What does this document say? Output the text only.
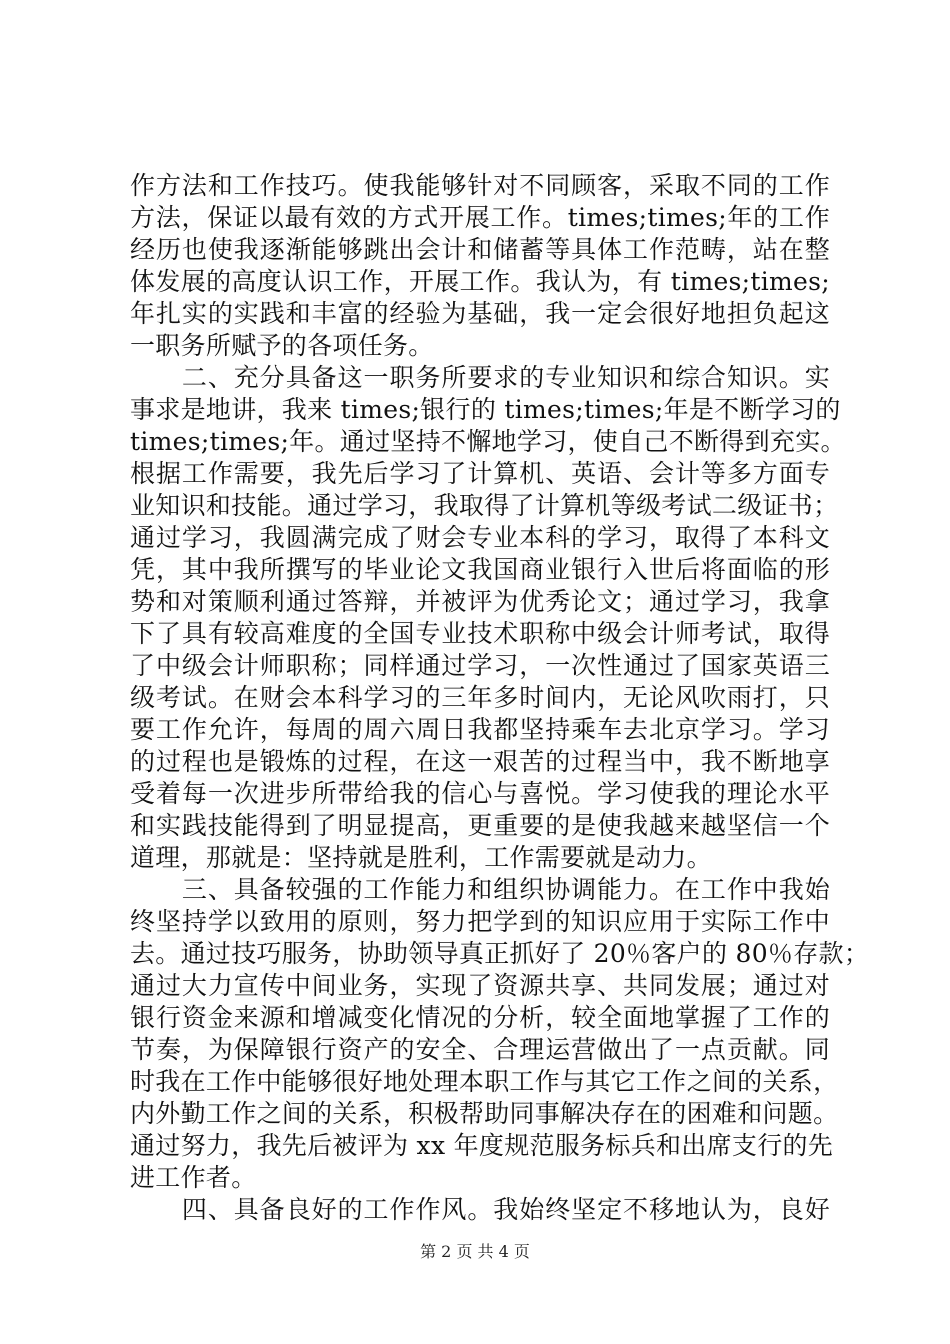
作方法和工作技巧。使我能够针对不同顾客，采取不同的工作
方法，保证以最有效的方式开展工作。times;times;年的工作
经历也使我逐渐能够跳出会计和储蓄等具体工作范畴，站在整
体发展的高度认识工作，开展工作。我认为，有 times;times;
年扎实的实践和丰富的经验为基础，我一定会很好地担负起这
一职务所赋予的各项任务。
　　二、充分具备这一职务所要求的专业知识和综合知识。实
事求是地讲，我来 times;银行的 times;times;年是不断学习的
times;times;年。通过坚持不懈地学习，使自己不断得到充实。
根据工作需要，我先后学习了计算机、英语、会计等多方面专
业知识和技能。通过学习，我取得了计算机等级考试二级证书；
通过学习，我圆满完成了财会专业本科的学习，取得了本科文
凭，其中我所撰写的毕业论文我国商业银行入世后将面临的形
势和对策顺利通过答辩，并被评为优秀论文；通过学习，我拿
下了具有较高难度的全国专业技术职称中级会计师考试，取得
了中级会计师职称；同样通过学习，一次性通过了国家英语三
级考试。在财会本科学习的三年多时间内，无论风吹雨打，只
要工作允许，每周的周六周日我都坚持乘车去北京学习。学习
的过程也是锻炼的过程，在这一艰苦的过程当中，我不断地享
受着每一次进步所带给我的信心与喜悦。学习使我的理论水平
和实践技能得到了明显提高，更重要的是使我越来越坚信一个
道理，那就是：坚持就是胜利，工作需要就是动力。
　　三、具备较强的工作能力和组织协调能力。在工作中我始
终坚持学以致用的原则，努力把学到的知识应用于实际工作中
去。通过技巧服务，协助领导真正抓好了 20％客户的 80％存款；
通过大力宣传中间业务，实现了资源共享、共同发展；通过对
银行资金来源和增减变化情况的分析，较全面地掌握了工作的
节奏，为保障银行资产的安全、合理运营做出了一点贡献。同
时我在工作中能够很好地处理本职工作与其它工作之间的关系，
内外勤工作之间的关系，积极帮助同事解决存在的困难和问题。
通过努力，我先后被评为 xx 年度规范服务标兵和出席支行的先
进工作者。
　　四、具备良好的工作作风。我始终坚定不移地认为，良好
第 2 页 共 4 页
